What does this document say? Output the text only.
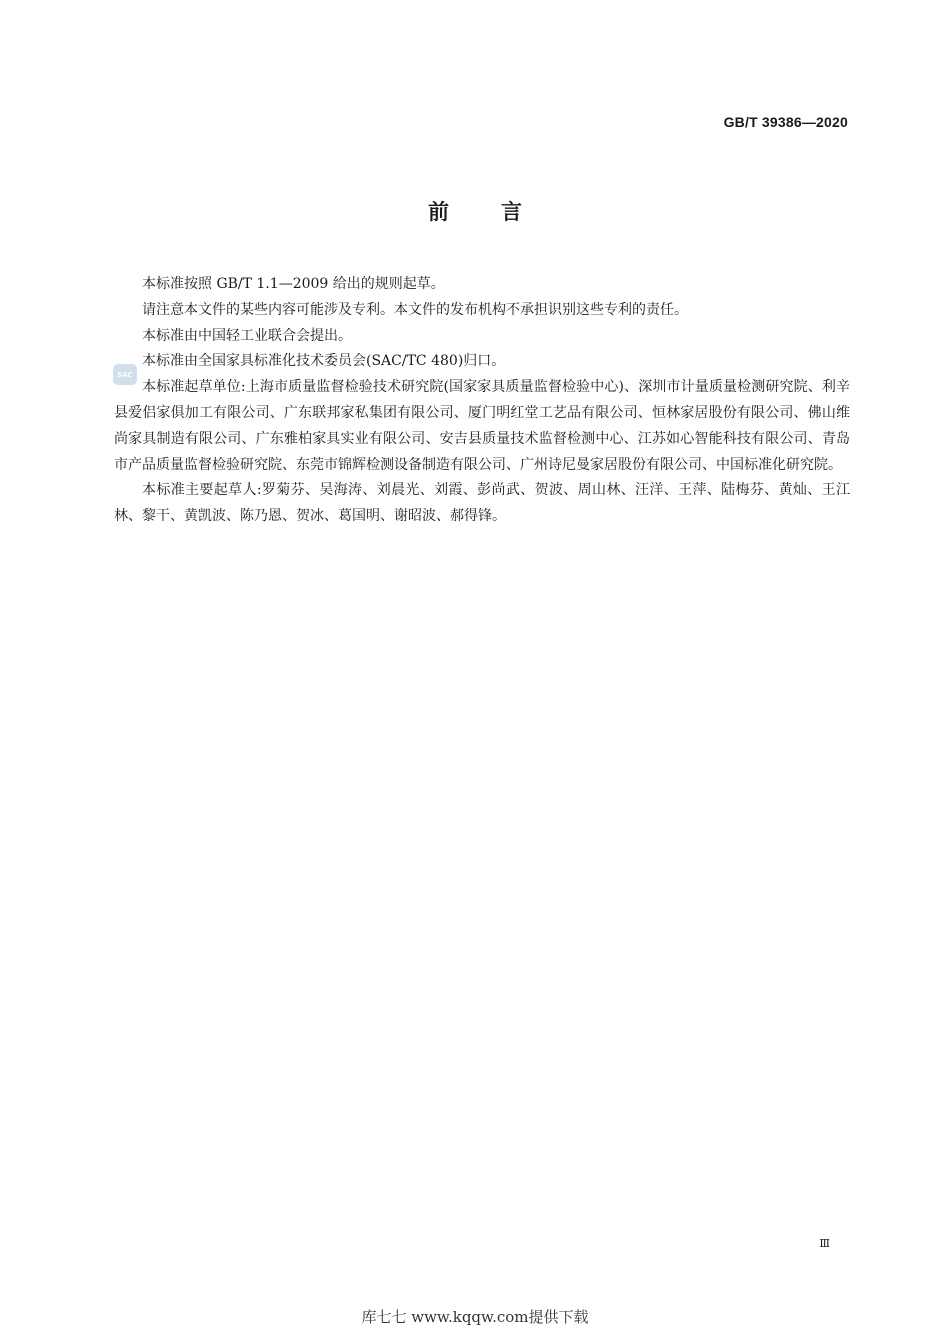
GB/T 39386—2020
前言
SAC

本标准按照 GB/T 1.1—2009 给出的规则起草。

请注意本文件的某些内容可能涉及专利。本文件的发布机构不承担识别这些专利的责任。

本标准由中国轻工业联合会提出。

本标准由全国家具标准化技术委员会(SAC/TC 480)归口。

本标准起草单位:上海市质量监督检验技术研究院(国家家具质量监督检验中心)、深圳市计量质量检测研究院、利辛县爱侣家俱加工有限公司、广东联邦家私集团有限公司、厦门明红堂工艺品有限公司、恒林家居股份有限公司、佛山维尚家具制造有限公司、广东雅柏家具实业有限公司、安吉县质量技术监督检测中心、江苏如心智能科技有限公司、青岛市产品质量监督检验研究院、东莞市锦辉检测设备制造有限公司、广州诗尼曼家居股份有限公司、中国标准化研究院。

本标准主要起草人:罗菊芬、吴海涛、刘晨光、刘霞、彭尚武、贺波、周山林、汪洋、王萍、陆梅芬、黄灿、王江林、黎干、黄凯波、陈乃恩、贺冰、葛国明、谢昭波、郝得锋。

Ⅲ
库七七 www.kqqw.com提供下载
